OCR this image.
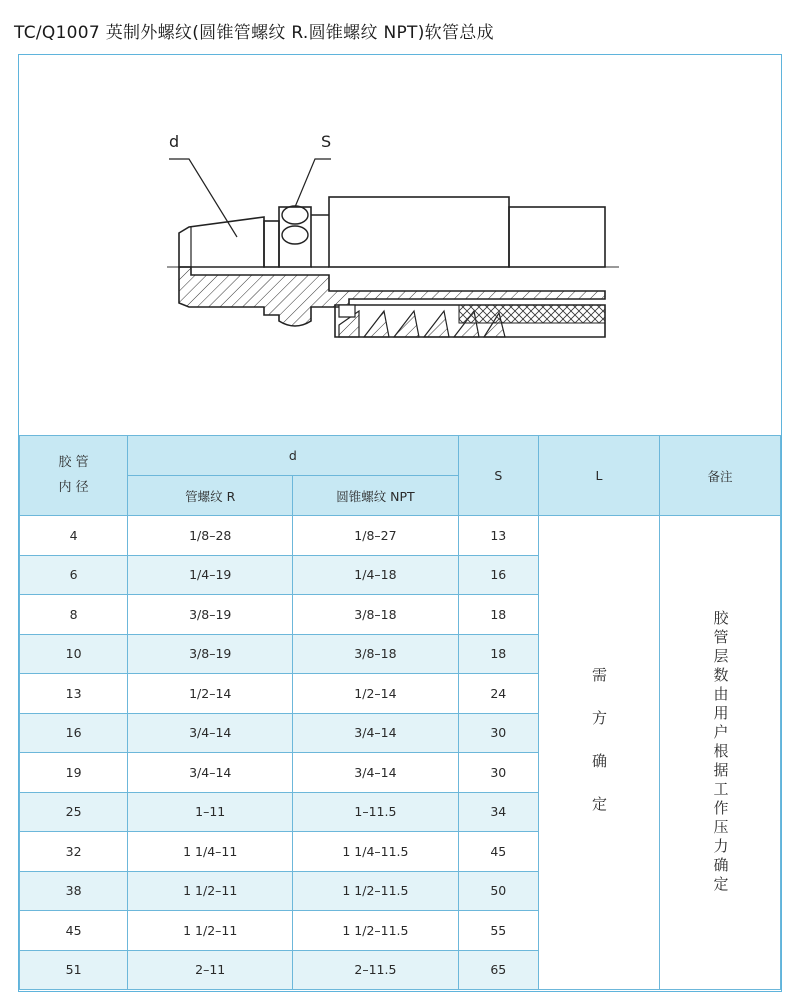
TC/Q1007 英制外螺纹(圆锥管螺纹 R.圆锥螺纹 NPT)软管总成
d	S
胶 管
内 径	d		S	L	备注
	管螺纹 R	圆锥螺纹 NPT			
4	1/8–28	1/8–27	13	需方确定	胶管层数由用户根据工作压力确定

6	1/4–19	1/4–18	16		
8	3/8–19	3/8–18	18		
10	3/8–19	3/8–18	18		
13	1/2–14	1/2–14	24		
16	3/4–14	3/4–14	30		
19	3/4–14	3/4–14	30		
25	1–11	1–11.5	34		
32	1 1/4–11	1 1/4–11.5	45		
38	1 1/2–11	1 1/2–11.5	50		
45	1 1/2–11	1 1/2–11.5	55		
51	2–11	2–11.5	65		
